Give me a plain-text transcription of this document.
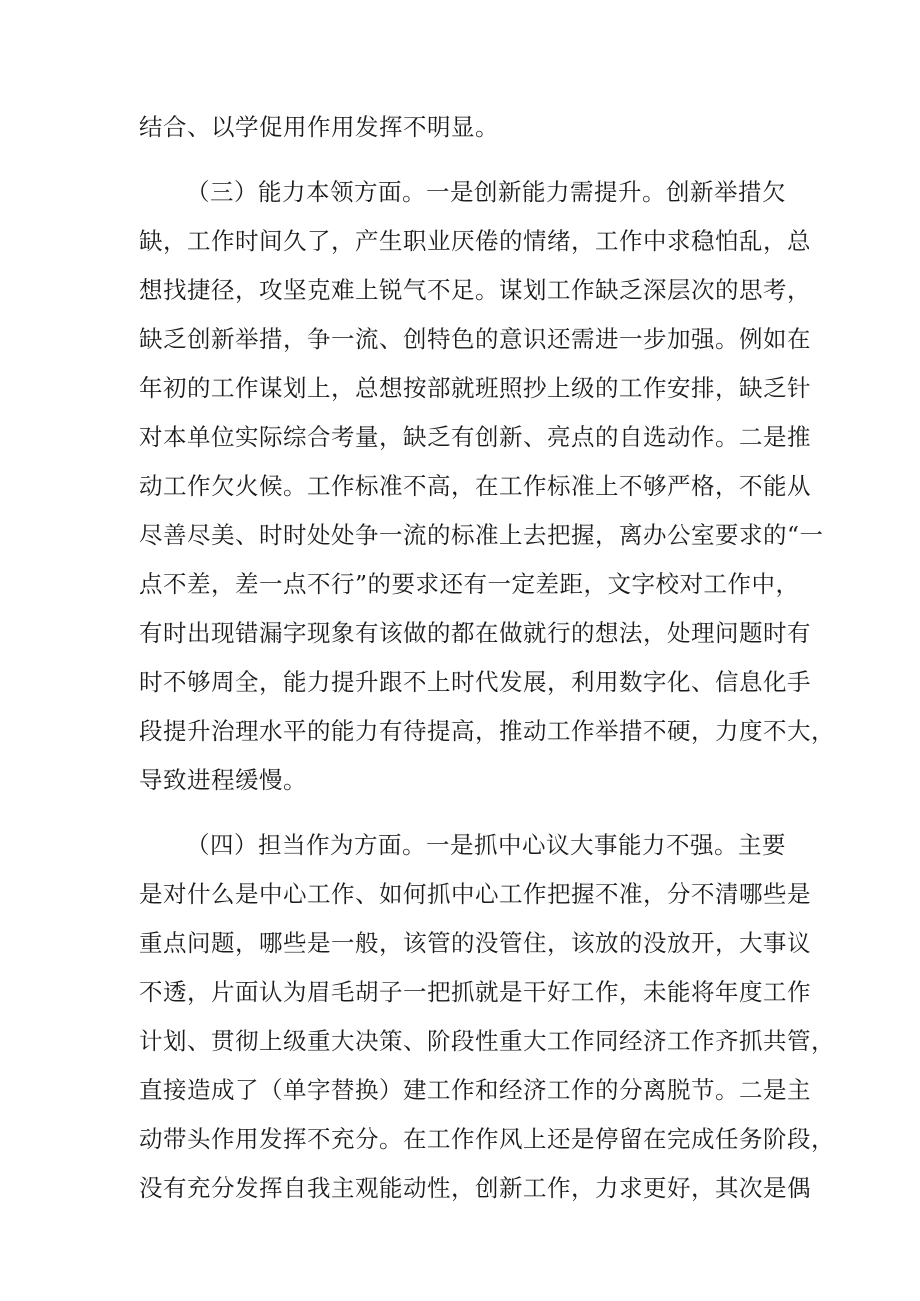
结合、以学促用作用发挥不明显。
（三）能力本领方面。一是创新能力需提升。创新举措欠
缺，工作时间久了，产生职业厌倦的情绪，工作中求稳怕乱，总
想找捷径，攻坚克难上锐气不足。谋划工作缺乏深层次的思考，
缺乏创新举措，争一流、创特色的意识还需进一步加强。例如在
年初的工作谋划上，总想按部就班照抄上级的工作安排，缺乏针
对本单位实际综合考量，缺乏有创新、亮点的自选动作。二是推
动工作欠火候。工作标准不高，在工作标准上不够严格，不能从
尽善尽美、时时处处争一流的标准上去把握，离办公室要求的“一
点不差，差一点不行”的要求还有一定差距，文字校对工作中，
有时出现错漏字现象有该做的都在做就行的想法，处理问题时有
时不够周全，能力提升跟不上时代发展，利用数字化、信息化手
段提升治理水平的能力有待提高，推动工作举措不硬，力度不大，
导致进程缓慢。
（四）担当作为方面。一是抓中心议大事能力不强。主要
是对什么是中心工作、如何抓中心工作把握不准，分不清哪些是
重点问题，哪些是一般，该管的没管住，该放的没放开，大事议
不透，片面认为眉毛胡子一把抓就是干好工作，未能将年度工作
计划、贯彻上级重大决策、阶段性重大工作同经济工作齐抓共管，
直接造成了（单字替换）建工作和经济工作的分离脱节。二是主
动带头作用发挥不充分。在工作作风上还是停留在完成任务阶段，
没有充分发挥自我主观能动性，创新工作，力求更好，其次是偶
